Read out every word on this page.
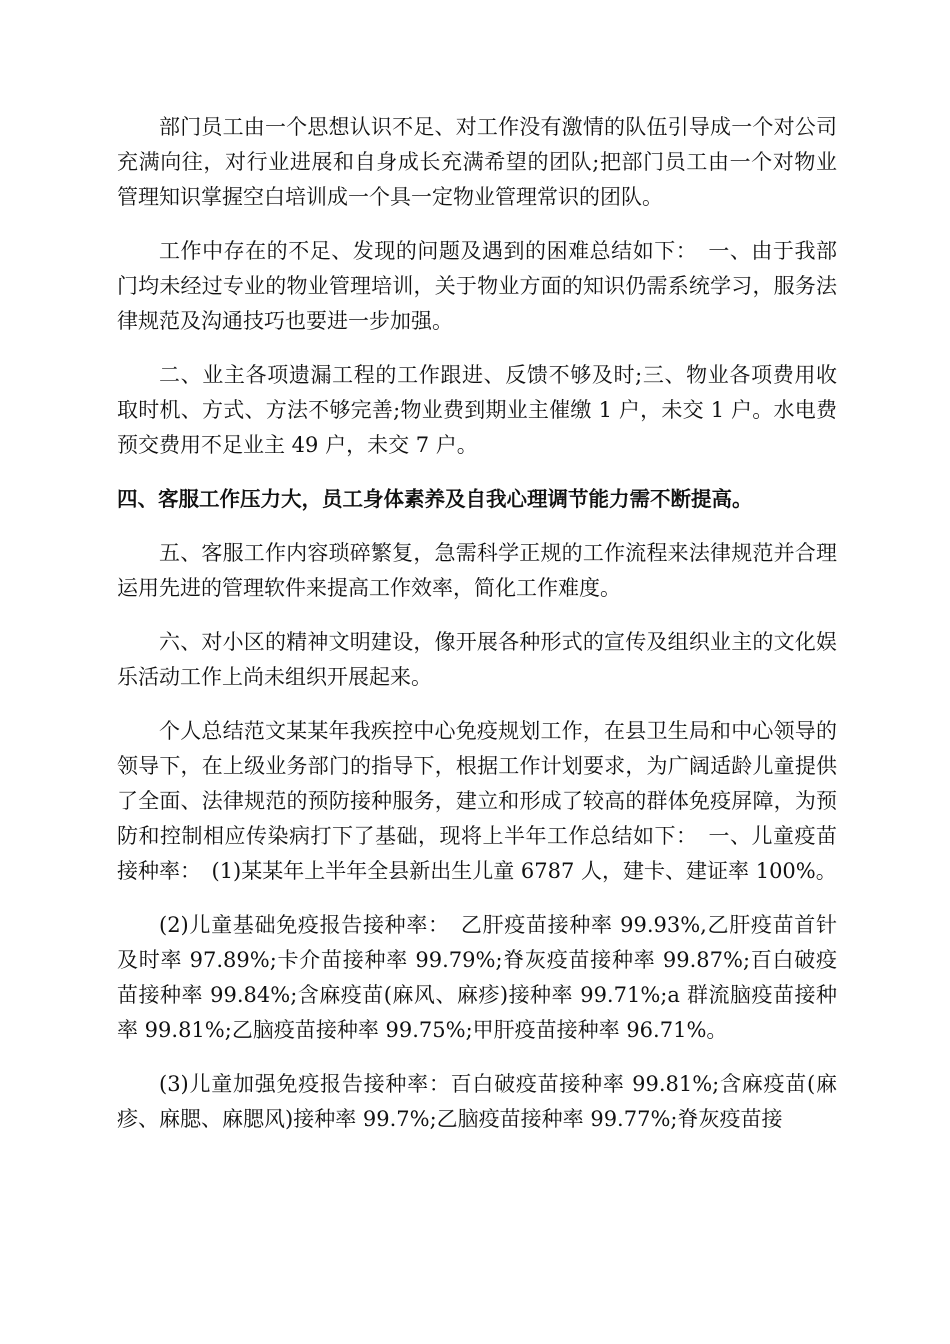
部门员工由一个思想认识不足、对工作没有激情的队伍引导成一个对公司充满向往，对行业进展和自身成长充满希望的团队;把部门员工由一个对物业管理知识掌握空白培训成一个具一定物业管理常识的团队。

工作中存在的不足、发现的问题及遇到的困难总结如下：　一、由于我部门均未经过专业的物业管理培训，关于物业方面的知识仍需系统学习，服务法律规范及沟通技巧也要进一步加强。

二、业主各项遗漏工程的工作跟进、反馈不够及时;三、物业各项费用收取时机、方式、方法不够完善;物业费到期业主催缴 1 户，未交 1 户。水电费预交费用不足业主 49 户，未交 7 户。

四、客服工作压力大，员工身体素养及自我心理调节能力需不断提高。

五、客服工作内容琐碎繁复，急需科学正规的工作流程来法律规范并合理运用先进的管理软件来提高工作效率，简化工作难度。

六、对小区的精神文明建设，像开展各种形式的宣传及组织业主的文化娱乐活动工作上尚未组织开展起来。

个人总结范文某某年我疾控中心免疫规划工作，在县卫生局和中心领导的领导下，在上级业务部门的指导下，根据工作计划要求，为广阔适龄儿童提供了全面、法律规范的预防接种服务，建立和形成了较高的群体免疫屏障，为预防和控制相应传染病打下了基础，现将上半年工作总结如下：　一、儿童疫苗接种率：　(1)某某年上半年全县新出生儿童 6787 人，建卡、建证率 100%。

(2)儿童基础免疫报告接种率：　乙肝疫苗接种率 99.93%,乙肝疫苗首针及时率 97.89%;卡介苗接种率 99.79%;脊灰疫苗接种率 99.87%;百白破疫苗接种率 99.84%;含麻疫苗(麻风、麻疹)接种率 99.71%;a 群流脑疫苗接种率 99.81%;乙脑疫苗接种率 99.75%;甲肝疫苗接种率 96.71%。

(3)儿童加强免疫报告接种率：百白破疫苗接种率 99.81%;含麻疫苗(麻疹、麻腮、麻腮风)接种率 99.7%;乙脑疫苗接种率 99.77%;脊灰疫苗接
